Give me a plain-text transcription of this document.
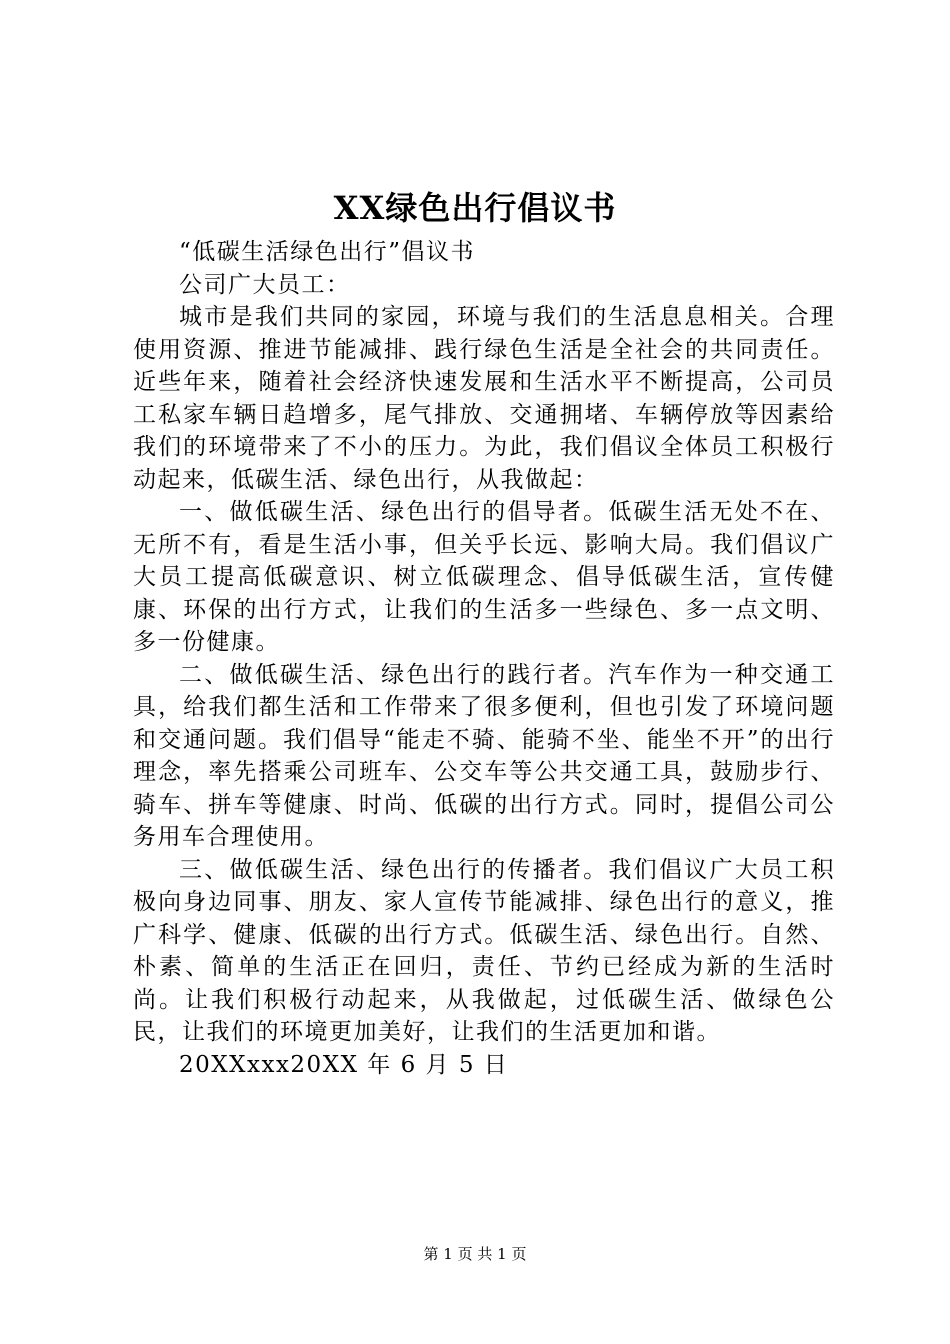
XX绿色出行倡议书

“低碳生活绿色出行”倡议书

公司广大员工：

城市是我们共同的家园，环境与我们的生活息息相关。合理使用资源、推进节能减排、践行绿色生活是全社会的共同责任。近些年来，随着社会经济快速发展和生活水平不断提高，公司员工私家车辆日趋增多，尾气排放、交通拥堵、车辆停放等因素给我们的环境带来了不小的压力。为此，我们倡议全体员工积极行动起来，低碳生活、绿色出行，从我做起：

一、做低碳生活、绿色出行的倡导者。低碳生活无处不在、无所不有，看是生活小事，但关乎长远、影响大局。我们倡议广大员工提高低碳意识、树立低碳理念、倡导低碳生活，宣传健康、环保的出行方式，让我们的生活多一些绿色、多一点文明、多一份健康。

二、做低碳生活、绿色出行的践行者。汽车作为一种交通工具，给我们都生活和工作带来了很多便利，但也引发了环境问题和交通问题。我们倡导“能走不骑、能骑不坐、能坐不开”的出行理念，率先搭乘公司班车、公交车等公共交通工具，鼓励步行、骑车、拼车等健康、时尚、低碳的出行方式。同时，提倡公司公务用车合理使用。

三、做低碳生活、绿色出行的传播者。我们倡议广大员工积极向身边同事、朋友、家人宣传节能减排、绿色出行的意义，推广科学、健康、低碳的出行方式。低碳生活、绿色出行。自然、朴素、简单的生活正在回归，责任、节约已经成为新的生活时尚。让我们积极行动起来，从我做起，过低碳生活、做绿色公民，让我们的环境更加美好，让我们的生活更加和谐。

20XXxxx20XX 年 6 月 5 日

第 1 页 共 1 页
